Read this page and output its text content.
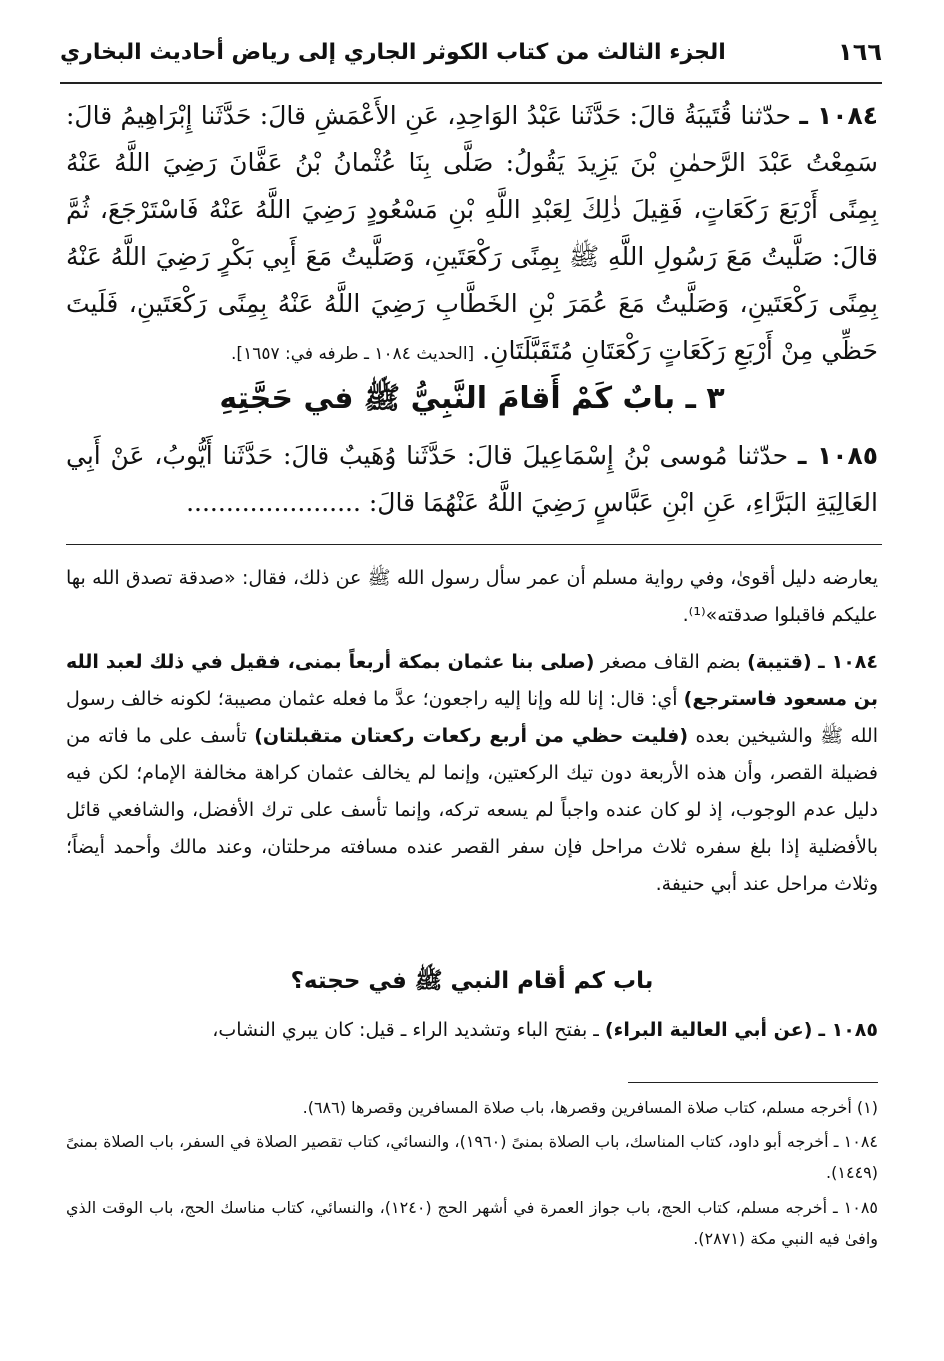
١٦٦
الجزء الثالث من كتاب الكوثر الجاري إلى رياض أحاديث البخاري
١٠٨٤ ـ حدّثنا قُتَيبَةُ قالَ: حَدَّثَنا عَبْدُ الوَاحِدِ، عَنِ الأَعْمَشِ قالَ: حَدَّثَنا إِبْرَاهِيمُ قالَ: سَمِعْتُ عَبْدَ الرَّحمٰنِ بْنَ يَزِيدَ يَقُولُ: صَلَّى بِنَا عُثْمانُ بْنُ عَفَّانَ رَضِيَ اللَّهُ عَنْهُ بِمِنًى أَرْبَعَ رَكَعَاتٍ، فَقِيلَ ذٰلِكَ لِعَبْدِ اللَّهِ بْنِ مَسْعُودٍ رَضِيَ اللَّهُ عَنْهُ فَاسْتَرْجَعَ، ثُمَّ قالَ: صَلَّيتُ مَعَ رَسُولِ اللَّهِ ﷺ بِمِنًى رَكْعَتَينِ، وَصَلَّيتُ مَعَ أَبِي بَكْرٍ رَضِيَ اللَّهُ عَنْهُ بِمِنًى رَكْعَتَينِ، وَصَلَّيتُ مَعَ عُمَرَ بْنِ الخَطَّابِ رَضِيَ اللَّهُ عَنْهُ بِمِنًى رَكْعَتَينِ، فَلَيتَ حَظِّي مِنْ أَرْبَعِ رَكَعَاتٍ رَكْعَتَانِ مُتَقَبَّلَتَانِ. [الحديث ١٠٨٤ ـ طرفه في: ١٦٥٧].
٣ ـ بابٌ كَمْ أَقامَ النَّبِيُّ ﷺ في حَجَّتِهِ
١٠٨٥ ـ حدّثنا مُوسى بْنُ إِسْمَاعِيلَ قالَ: حَدَّثَنا وُهَيبٌ قالَ: حَدَّثَنا أَيُّوبُ، عَنْ أَبِي العَالِيَةِ البَرَّاءِ، عَنِ ابْنِ عَبَّاسٍ رَضِيَ اللَّهُ عَنْهُمَا قالَ: ......................
يعارضه دليل أقوىٰ، وفي رواية مسلم أن عمر سأل رسول الله ﷺ عن ذلك، فقال: «صدقة تصدق الله بها عليكم فاقبلوا صدقته»⁽¹⁾.
١٠٨٤ ـ (قتيبة) بضم القاف مصغر (صلى بنا عثمان بمكة أربعاً بمنى، فقيل في ذلك لعبد الله بن مسعود فاسترجع) أي: قال: إنا لله وإنا إليه راجعون؛ عدَّ ما فعله عثمان مصيبة؛ لكونه خالف رسول الله ﷺ والشيخين بعده (فليت حظي من أربع ركعات ركعتان متقبلتان) تأسف على ما فاته من فضيلة القصر، وأن هذه الأربعة دون تيك الركعتين، وإنما لم يخالف عثمان كراهة مخالفة الإمام؛ لكن فيه دليل عدم الوجوب، إذ لو كان عنده واجباً لم يسعه تركه، وإنما تأسف على ترك الأفضل، والشافعي قائل بالأفضلية إذا بلغ سفره ثلاث مراحل فإن سفر القصر عنده مسافته مرحلتان، وعند مالك وأحمد أيضاً؛ وثلاث مراحل عند أبي حنيفة.
باب كم أقام النبي ﷺ في حجته؟
١٠٨٥ ـ (عن أبي العالية البراء) ـ بفتح الباء وتشديد الراء ـ قيل: كان يبري النشاب،
(١) أخرجه مسلم، كتاب صلاة المسافرين وقصرها، باب صلاة المسافرين وقصرها (٦٨٦).
١٠٨٤ ـ أخرجه أبو داود، كتاب المناسك، باب الصلاة بمنىً (١٩٦٠)، والنسائي، كتاب تقصير الصلاة في السفر، باب الصلاة بمنىً (١٤٤٩).
١٠٨٥ ـ أخرجه مسلم، كتاب الحج، باب جواز العمرة في أشهر الحج (١٢٤٠)، والنسائي، كتاب مناسك الحج، باب الوقت الذي وافىٰ فيه النبي مكة (٢٨٧١).
